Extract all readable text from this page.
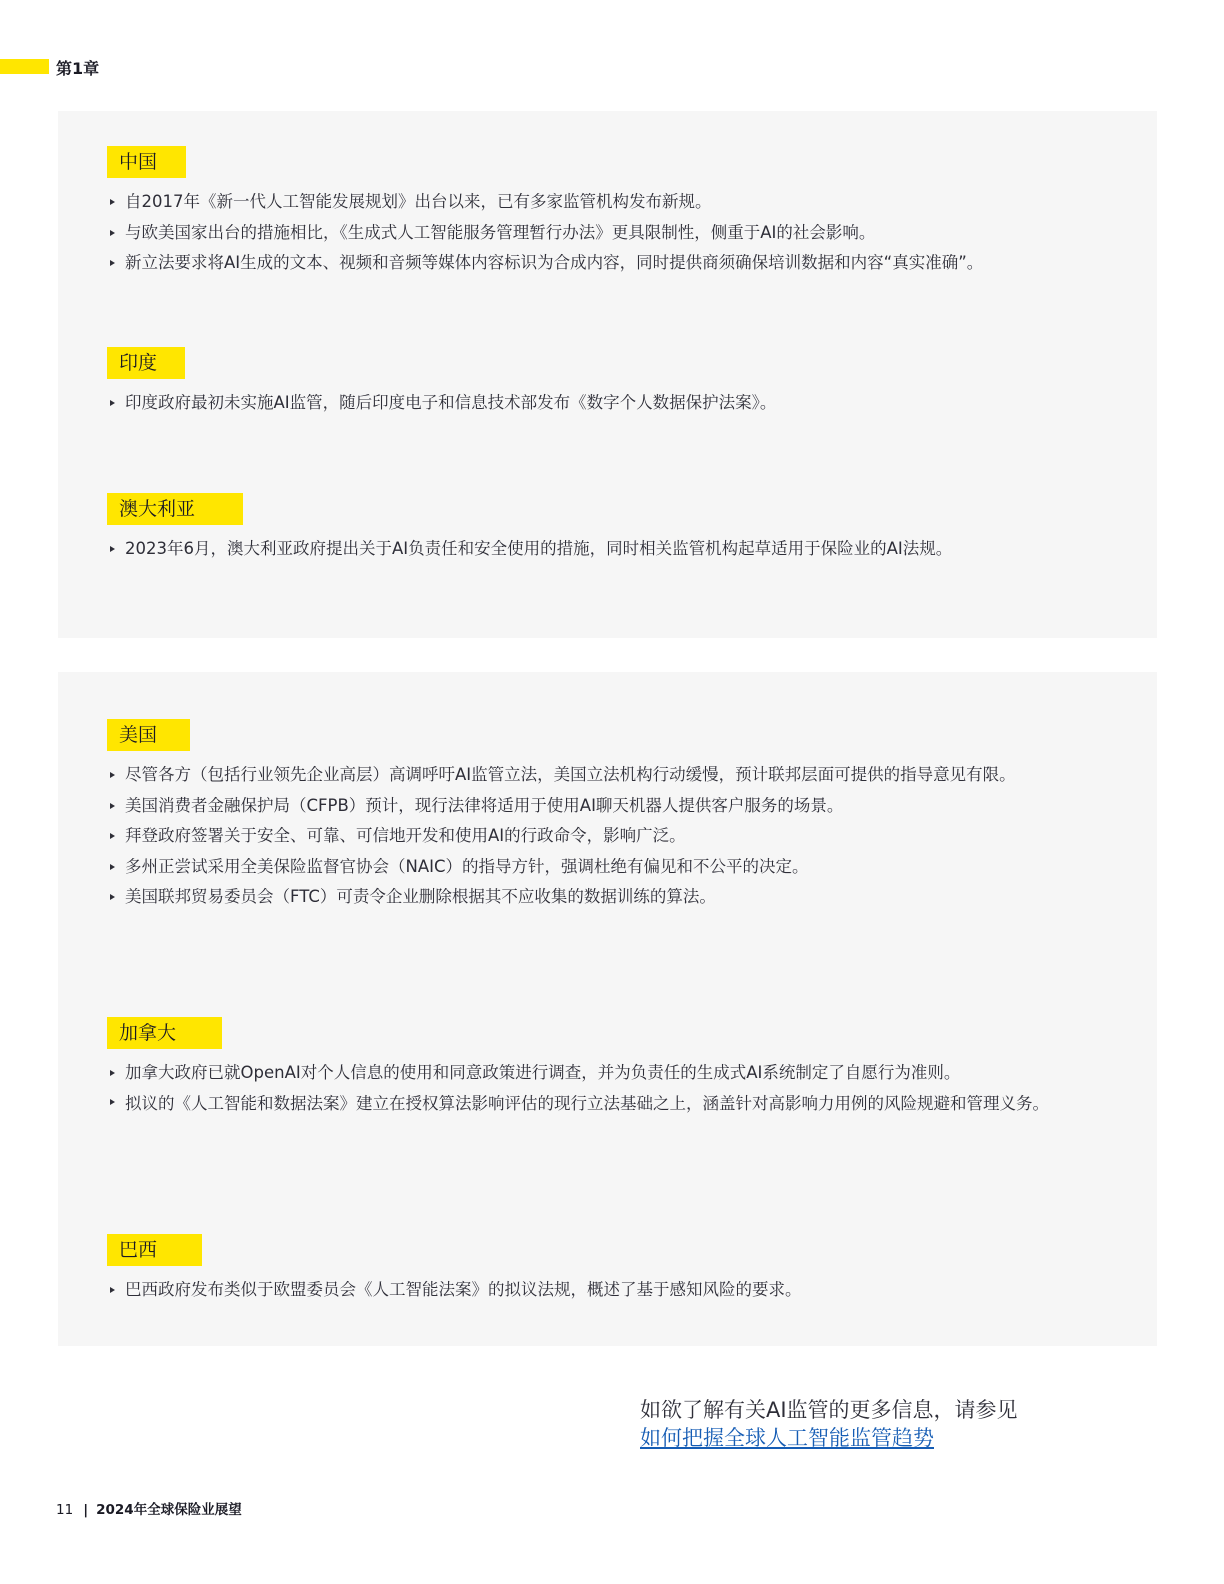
第1章
中国
自2017年《新一代人工智能发展规划》出台以来，已有多家监管机构发布新规。
与欧美国家出台的措施相比，《生成式人工智能服务管理暂行办法》更具限制性，侧重于AI的社会影响。
新立法要求将AI生成的文本、视频和音频等媒体内容标识为合成内容，同时提供商须确保培训数据和内容“真实准确”。
印度
印度政府最初未实施AI监管，随后印度电子和信息技术部发布《数字个人数据保护法案》。
澳大利亚
2023年6月，澳大利亚政府提出关于AI负责任和安全使用的措施，同时相关监管机构起草适用于保险业的AI法规。
美国
尽管各方（包括行业领先企业高层）高调呼吁AI监管立法，美国立法机构行动缓慢，预计联邦层面可提供的指导意见有限。
美国消费者金融保护局（CFPB）预计，现行法律将适用于使用AI聊天机器人提供客户服务的场景。
拜登政府签署关于安全、可靠、可信地开发和使用AI的行政命令，影响广泛。
多州正尝试采用全美保险监督官协会（NAIC）的指导方针，强调杜绝有偏见和不公平的决定。
美国联邦贸易委员会（FTC）可责令企业删除根据其不应收集的数据训练的算法。
加拿大
加拿大政府已就OpenAI对个人信息的使用和同意政策进行调查，并为负责任的生成式AI系统制定了自愿行为准则。
拟议的《人工智能和数据法案》建立在授权算法影响评估的现行立法基础之上，涵盖针对高影响力用例的风险规避和管理义务。
巴西
巴西政府发布类似于欧盟委员会《人工智能法案》的拟议法规，概述了基于感知风险的要求。
如欲了解有关AI监管的更多信息，请参见
如何把握全球人工智能监管趋势
11 | 2024年全球保险业展望
